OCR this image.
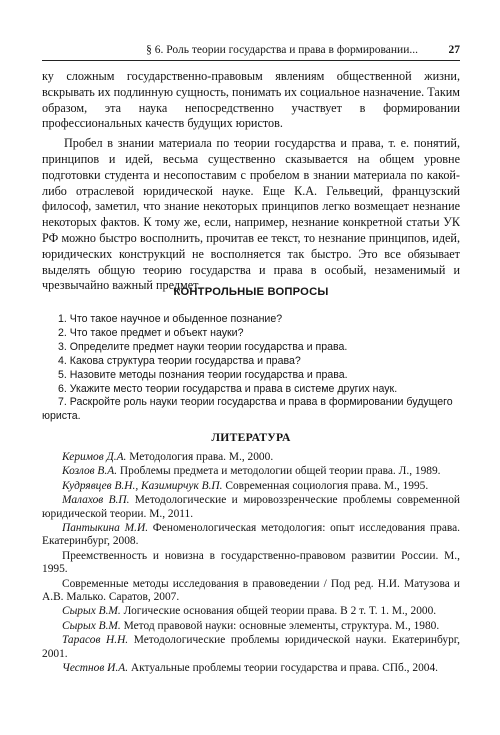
§ 6. Роль теории государства и права в формировании...	27

ку сложным государственно-правовым явлениям общественной жизни, вскрывать их подлинную сущность, понимать их социальное назначение. Таким образом, эта наука непосредственно участвует в формировании профессиональных качеств будущих юристов.

Пробел в знании материала по теории государства и права, т. е. понятий, принципов и идей, весьма существенно сказывается на общем уровне подготовки студента и несопоставим с пробелом в знании материала по какой-либо отраслевой юридической науке. Еще К.А. Гельвеций, французский философ, заметил, что знание некоторых принципов легко возмещает незнание некоторых фактов. К тому же, если, например, незнание конкретной статьи УК РФ можно быстро восполнить, прочитав ее текст, то незнание принципов, идей, юридических конструкций не восполняется так быстро. Это все обязывает выделять общую теорию государства и права в особый, незаменимый и чрезвычайно важный предмет.

КОНТРОЛЬНЫЕ ВОПРОСЫ

1. Что такое научное и обыденное познание?

2. Что такое предмет и объект науки?

3. Определите предмет науки теории государства и права.

4. Какова структура теории государства и права?

5. Назовите методы познания теории государства и права.

6. Укажите место теории государства и права в системе других наук.

7. Раскройте роль науки теории государства и права в формировании будущего юриста.

ЛИТЕРАТУРА

Керимов Д.А. Методология права. М., 2000.

Козлов В.А. Проблемы предмета и методологии общей теории права. Л., 1989.

Кудрявцев В.Н., Казимирчук В.П. Современная социология права. М., 1995.

Малахов В.П. Методологические и мировоззренческие проблемы современной юридической теории. М., 2011.

Пантыкина М.И. Феноменологическая методология: опыт исследования права. Екатеринбург, 2008.

Преемственность и новизна в государственно-правовом развитии России. М., 1995.

Современные методы исследования в правоведении / Под ред. Н.И. Матузова и А.В. Малько. Саратов, 2007.

Сырых В.М. Логические основания общей теории права. В 2 т. Т. 1. М., 2000.

Сырых В.М. Метод правовой науки: основные элементы, структура. М., 1980.

Тарасов Н.Н. Методологические проблемы юридической науки. Екатеринбург, 2001.

Честнов И.А. Актуальные проблемы теории государства и права. СПб., 2004.
